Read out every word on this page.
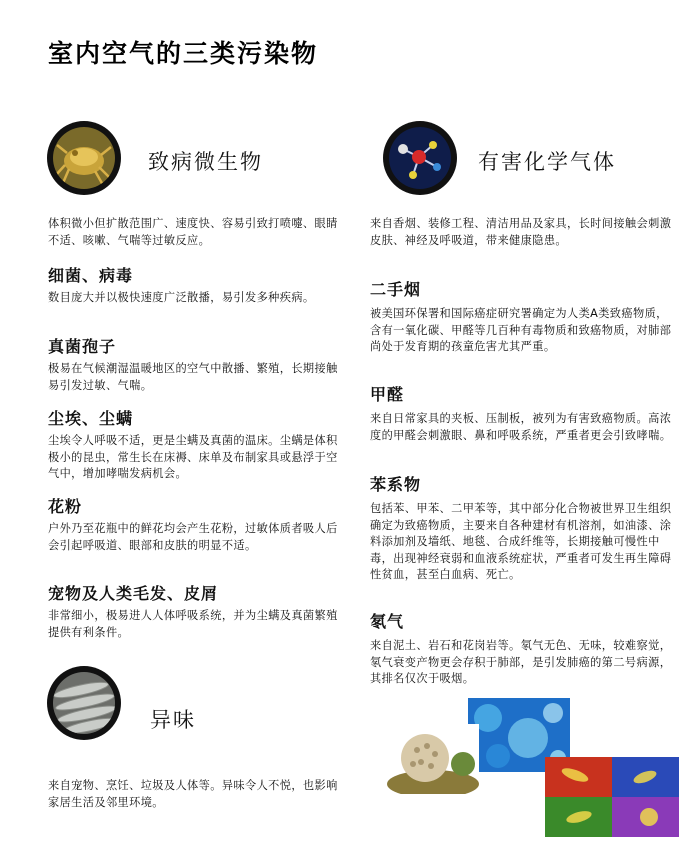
室内空气的三类污染物
致病微生物
体积微小但扩散范围广、速度快、容易引致打喷嚏、眼睛不适、咳嗽、气喘等过敏反应。
细菌、病毒
数目庞大并以极快速度广泛散播，易引发多种疾病。
真菌孢子
极易在气候潮湿温暖地区的空气中散播、繁殖，长期接触易引发过敏、气喘。
尘埃、尘螨
尘埃令人呼吸不适，更是尘螨及真菌的温床。尘螨是体积极小的昆虫，常生长在床褥、床单及布制家具或悬浮于空气中，增加哮喘发病机会。
花粉
户外乃至花瓶中的鲜花均会产生花粉，过敏体质者吸人后会引起呼吸道、眼部和皮肤的明显不适。
宠物及人类毛发、皮屑
非常细小，极易进人人体呼吸系统，并为尘螨及真菌繁殖提供有利条件。
异味
来自宠物、烹饪、垃圾及人体等。异味令人不悦，也影响家居生活及邻里环境。
有害化学气体
来自香烟、装修工程、清洁用品及家具，长时间接触会刺激皮肤、神经及呼吸道，带来健康隐患。
二手烟
被美国环保署和国际癌症研究署确定为人类A类致癌物质，含有一氧化碳、甲醛等几百种有毒物质和致癌物质，对肺部尚处于发育期的孩童危害尤其严重。
甲醛
来自日常家具的夹板、压制板，被列为有害致癌物质。高浓度的甲醛会刺激眼、鼻和呼吸系统，严重者更会引致哮喘。
苯系物
包括苯、甲苯、二甲苯等，其中部分化合物被世界卫生组织确定为致癌物质，主要来自各种建材有机溶剂，如油漆、涂料添加剂及墙纸、地毯、合成纤维等，长期接触可慢性中毒，出现神经衰弱和血液系统症状，严重者可发生再生障碍性贫血，甚至白血病、死亡。
氡气
来自泥土、岩石和花岗岩等。氡气无色、无味，较难察觉，氡气衰变产物更会存积于肺部，是引发肺癌的第二号病源，其排名仅次于吸烟。
